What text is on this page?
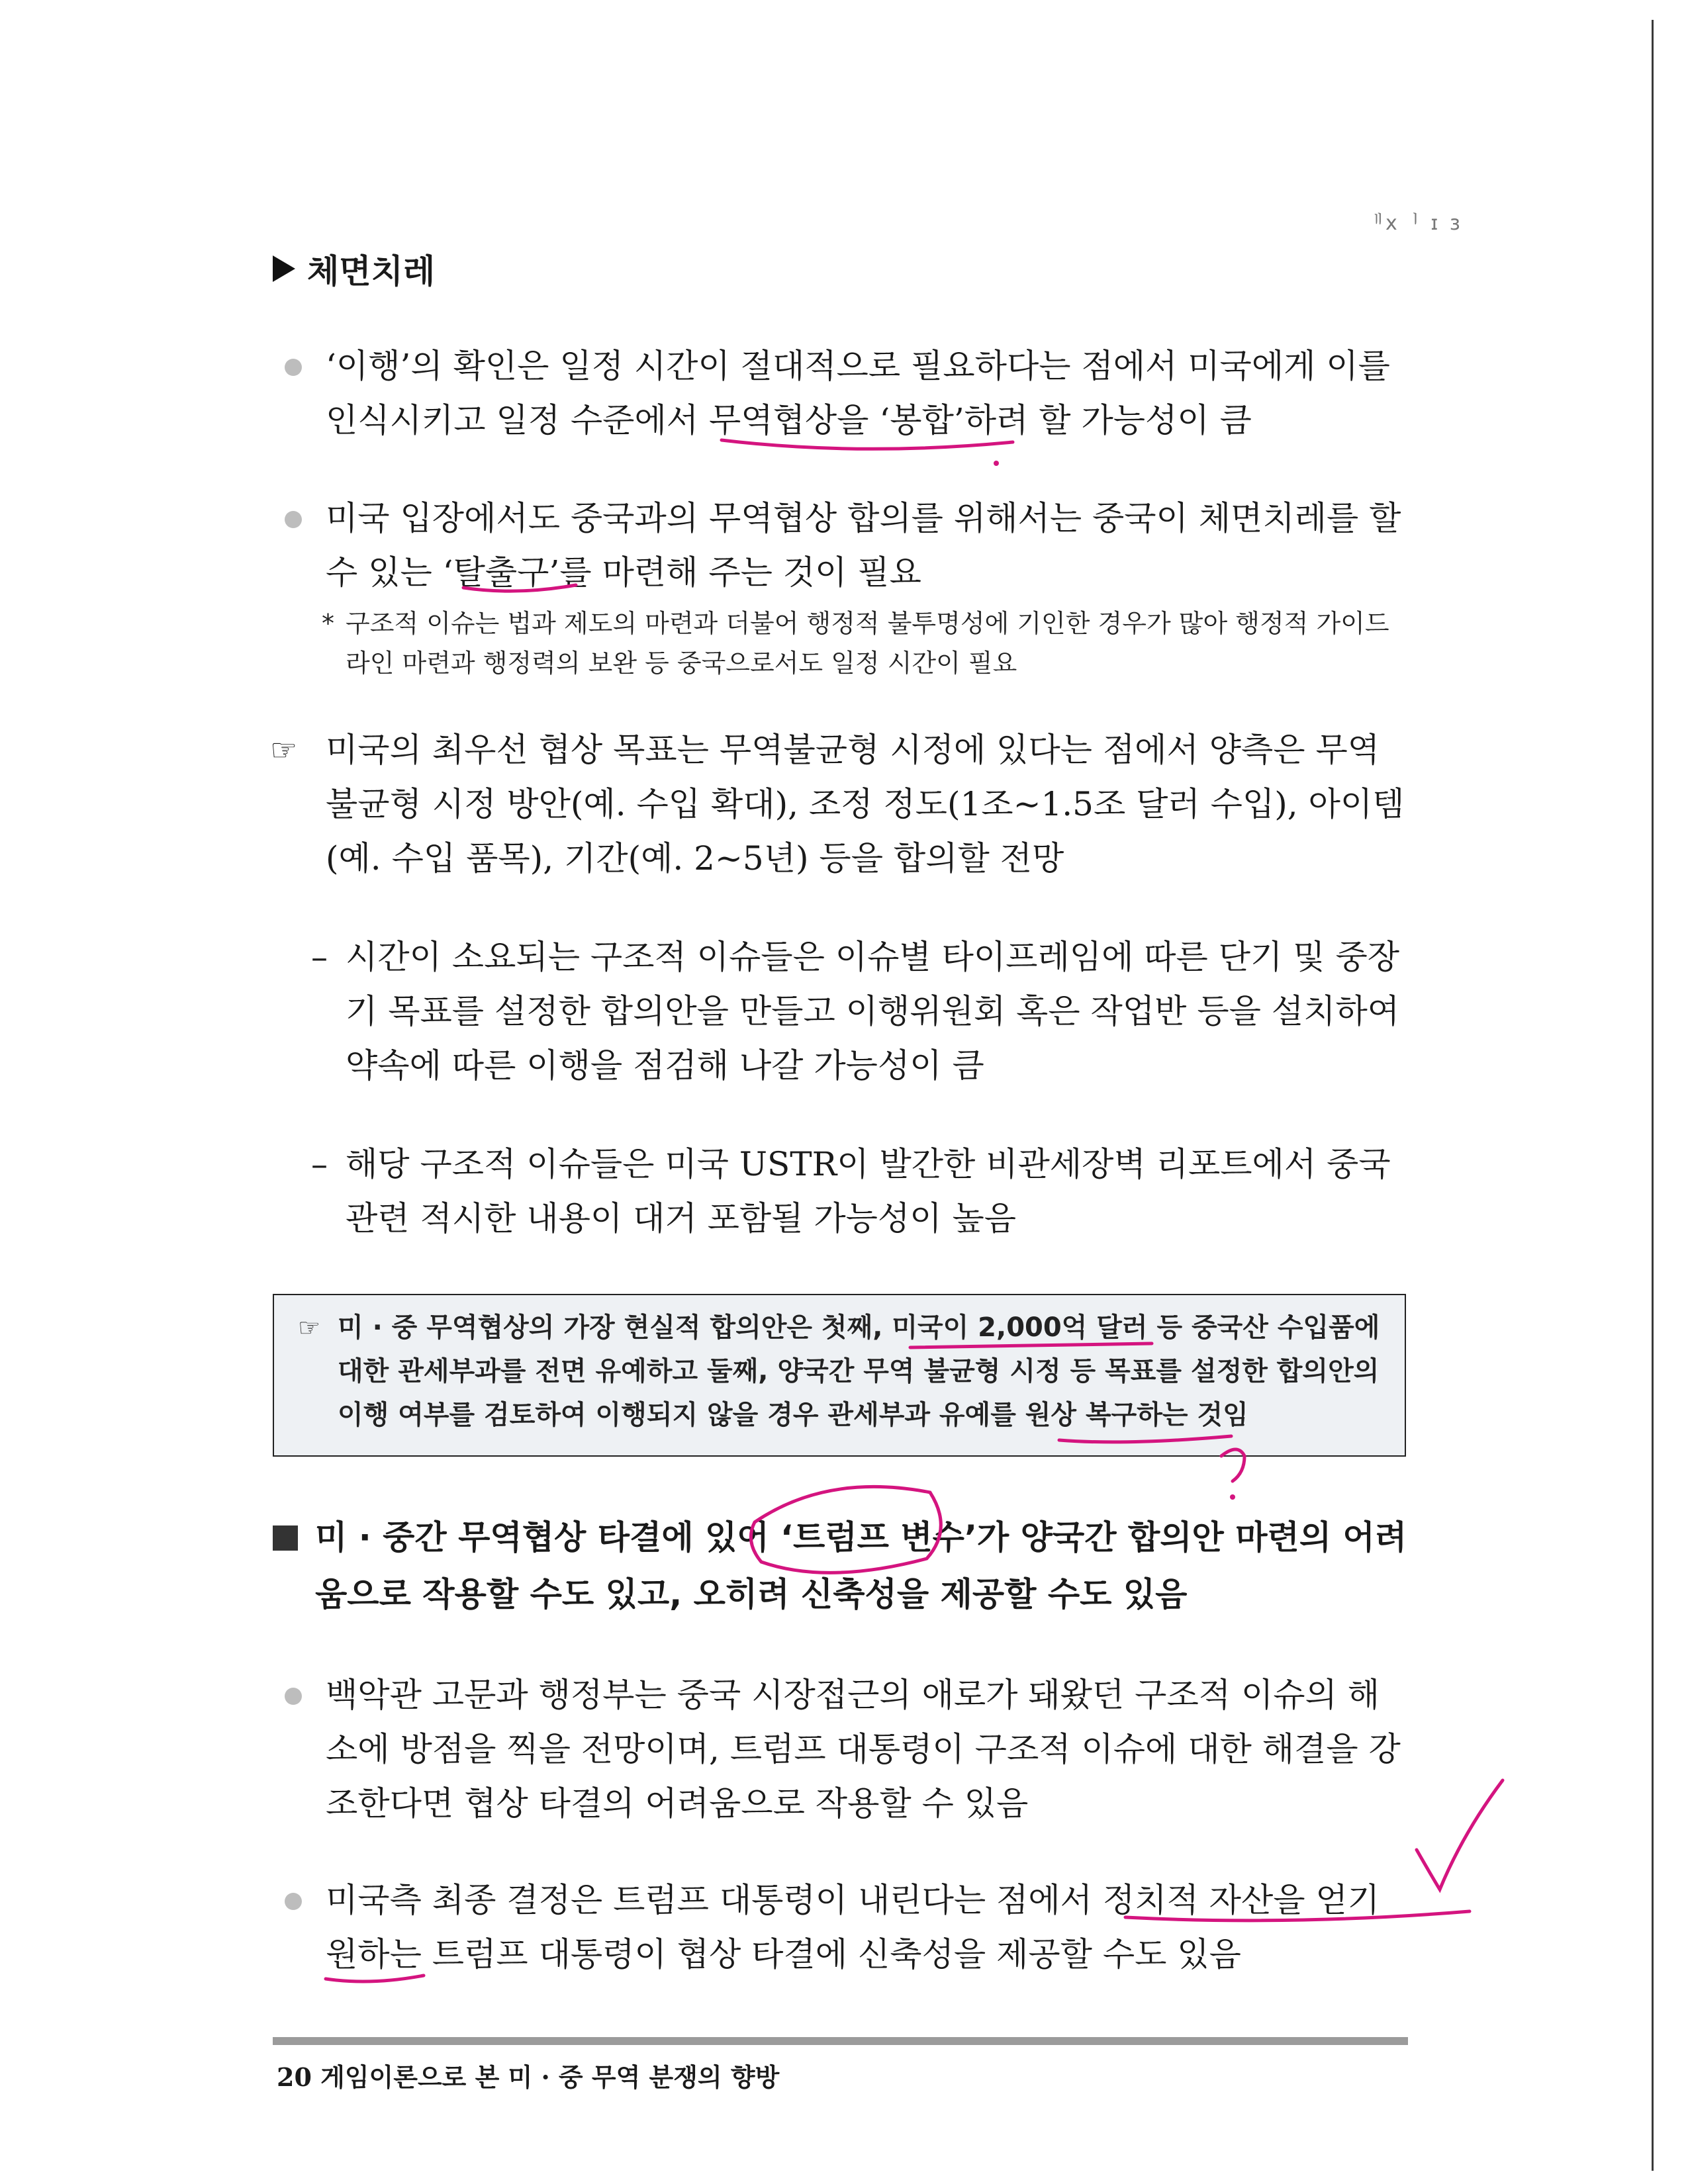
ᅵᅵxᅵ ɪ ɜ
체면치레
‘이행’의 확인은 일정 시간이 절대적으로 필요하다는 점에서 미국에게 이를 인식시키고 일정 수준에서 무역협상을 ‘봉합’하려 할 가능성이 큼
미국 입장에서도 중국과의 무역협상 합의를 위해서는 중국이 체면치레를 할 수 있는 ‘탈출구’를 마련해 주는 것이 필요
* 구조적 이슈는 법과 제도의 마련과 더불어 행정적 불투명성에 기인한 경우가 많아 행정적 가이드라인 마련과 행정력의 보완 등 중국으로서도 일정 시간이 필요
☞ 미국의 최우선 협상 목표는 무역불균형 시정에 있다는 점에서 양측은 무역불균형 시정 방안(예. 수입 확대), 조정 정도(1조~1.5조 달러 수입), 아이템(예. 수입 품목), 기간(예. 2~5년) 등을 합의할 전망
– 시간이 소요되는 구조적 이슈들은 이슈별 타이프레임에 따른 단기 및 중장기 목표를 설정한 합의안을 만들고 이행위원회 혹은 작업반 등을 설치하여 약속에 따른 이행을 점검해 나갈 가능성이 큼
– 해당 구조적 이슈들은 미국 USTR이 발간한 비관세장벽 리포트에서 중국관련 적시한 내용이 대거 포함될 가능성이 높음
☞ 미 · 중 무역협상의 가장 현실적 합의안은 첫째, 미국이 2,000억 달러 등 중국산 수입품에 대한 관세부과를 전면 유예하고 둘째, 양국간 무역 불균형 시정 등 목표를 설정한 합의안의 이행 여부를 검토하여 이행되지 않을 경우 관세부과 유예를 원상 복구하는 것임
미 · 중간 무역협상 타결에 있어 ‘트럼프 변수’가 양국간 합의안 마련의 어려움으로 작용할 수도 있고, 오히려 신축성을 제공할 수도 있음
백악관 고문과 행정부는 중국 시장접근의 애로가 돼왔던 구조적 이슈의 해소에 방점을 찍을 전망이며, 트럼프 대통령이 구조적 이슈에 대한 해결을 강조한다면 협상 타결의 어려움으로 작용할 수 있음
미국측 최종 결정은 트럼프 대통령이 내린다는 점에서 정치적 자산을 얻기 원하는 트럼프 대통령이 협상 타결에 신축성을 제공할 수도 있음
20 게임이론으로 본 미 · 중 무역 분쟁의 향방
